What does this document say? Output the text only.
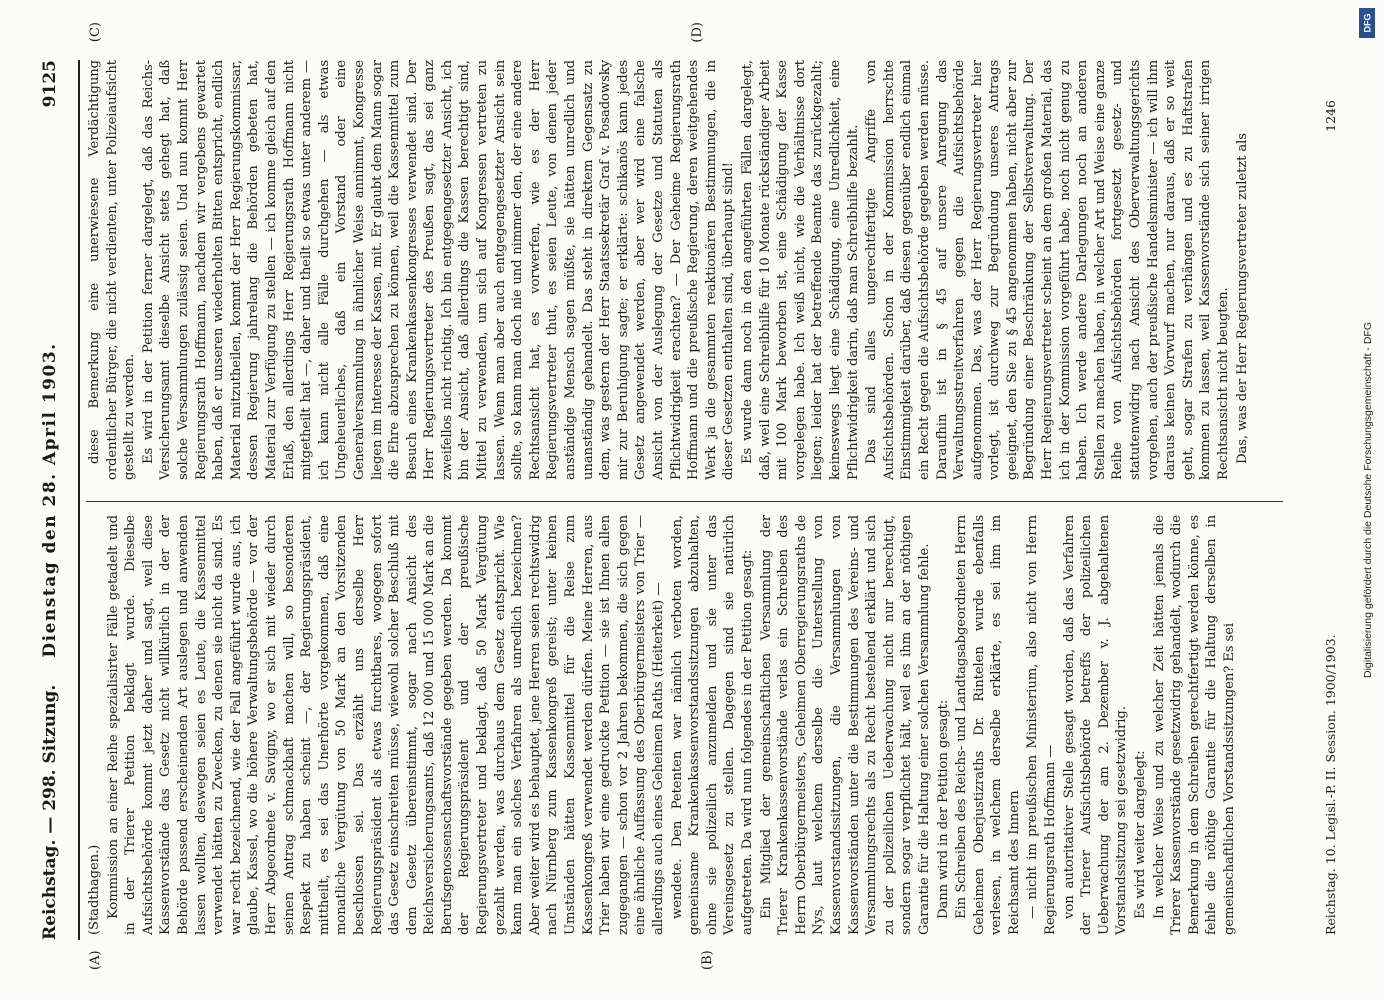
Reichstag. — 298. Sitzung.
Dienstag den 28. April 1903.
9125
(A)	(B)
(C)	(D)

(Stadthagen.) Kommission an einer Reihe spezialisirter Fälle getadelt und in der Trierer Petition beklagt wurde. Dieselbe Aufsichtsbehörde kommt jetzt daher und sagt, weil diese Kassenvorstände das Gesetz nicht willkürlich in der der Behörde passend erscheinenden Art auslegen und anwenden lassen wollten, deswegen seien es Leute, die Kassenmittel verwendet hätten zu Zwecken, zu denen sie nicht da sind. Es war recht bezeichnend, wie der Fall angeführt wurde aus, ich glaube, Kassel, wo die höhere Verwaltungsbehörde — vor der Herr Abgeordnete v. Savigny, wo er sich mit wieder durch seinen Antrag schmackhaft machen will, so besonderen Respekt zu haben scheint —, der Regierungspräsident, mittheilt, es sei das Unerhörte vorgekommen, daß eine monatliche Vergütung von 50 Mark an den Vorsitzenden beschlossen sei. Das erzählt uns derselbe Herr Regierungspräsident als etwas furchtbares, wogegen sofort das Gesetz einschreiten müsse, wiewohl solcher Beschluß mit dem Gesetz übereinstimmt, sogar nach Ansicht des Reichsversicherungsamts, daß 12 000 und 15 000 Mark an die Berufsgenossenschaftsvorstände gegeben werden. Da kommt der Regierungspräsident und der preußische Regierungsvertreter und beklagt, daß 50 Mark Vergütung gezahlt werden, was durchaus dem Gesetz entspricht. Wie kann man ein solches Verfahren als unredlich bezeichnen? Aber weiter wird es behauptet, jene Herren seien rechtswidrig nach Nürnberg zum Kassenkongreß gereist; unter keinen Umständen hätten Kassenmittel für die Reise zum Kassenkongreß verwendet werden dürfen. Meine Herren, aus Trier haben wir eine gedruckte Petition — sie ist Ihnen allen zugegangen — schon vor 2 Jahren bekommen, die sich gegen eine ähnliche Auffassung des Oberbürgermeisters von Trier — allerdings auch eines Geheimen Raths (Heiterkeit) — wendete. Den Petenten war nämlich verboten worden, gemeinsame Krankenkassenvorstandssitzungen abzuhalten, ohne sie polizeilich anzumelden und sie unter das Vereinsgesetz zu stellen. Dagegen sind sie natürlich aufgetreten. Da wird nun folgendes in der Petition gesagt: Ein Mitglied der gemeinschaftlichen Versammlung der Trierer Krankenkassenvorstände verlas ein Schreiben des Herrn Oberbürgermeisters, Geheimen Oberregierungsraths de Nys, laut welchem derselbe die Unterstellung von Kassenvorstandssitzungen, die Versammlungen von Kassenvorständen unter die Bestimmungen des Vereins- und Versammlungsrechts als zu Recht bestehend erklärt und sich zu der polizeilichen Ueberwachung nicht nur berechtigt, sondern sogar verpflichtet hält, weil es ihm an der nöthigen Garantie für die Haltung einer solchen Versammlung fehle. Dann wird in der Petition gesagt: Ein Schreiben des Reichs- und Landtagsabgeordneten Herrn Geheimen Oberjustizraths Dr. Rintelen wurde ebenfalls verlesen, in welchem derselbe erklärte, es sei ihm im Reichsamt des Innern — nicht im preußischen Ministerium, also nicht von Herrn Regierungsrath Hoffmann — von autoritativer Stelle gesagt worden, daß das Verfahren der Trierer Aufsichtsbehörde betreffs der polizeilichen Ueberwachung der am 2. Dezember v. J. abgehaltenen Vorstandssitzung sei gesetzwidrig. Es wird weiter dargelegt: In welcher Weise und zu welcher Zeit hätten jemals die Trierer Kassenvorstände gesetzwidrig gehandelt, wodurch die Bemerkung in dem Schreiben gerechtfertigt werden könne, es fehle die nöthige Garantie für die Haltung derselben in gemeinschaftlichen Vorstandssitzungen? Es sei

diese Bemerkung eine unerwiesene Verdächtigung ordentlicher Bürger, die nicht verdienten, unter Polizeiaufsicht gestellt zu werden. Es wird in der Petition ferner dargelegt, daß das Reichs-Versicherungsamt dieselbe Ansicht stets gehegt hat, daß solche Versammlungen zulässig seien. Und nun kommt Herr Regierungsrath Hoffmann, nachdem wir vergebens gewartet haben, daß er unseren wiederholten Bitten entspricht, endlich Material mitzutheilen, kommt der Herr Regierungskommissar, dessen Regierung jahrelang die Behörden gebeten hat, Material zur Verfügung zu stellen — ich komme gleich auf den Erlaß, den allerdings Herr Regierungsrath Hoffmann nicht mitgetheilt hat —, daher und theilt so etwas unter anderem — ich kann nicht alle Fälle durchgehen — als etwas Ungeheuerliches, daß ein Vorstand oder eine Generalversammlung in ähnlicher Weise annimmt, Kongresse liegen im Interesse der Kassen, mit. Er glaubt dem Mann sogar die Ehre abzusprechen zu können, weil die Kassenmittel zum Besuch eines Krankenkassenkongresses verwendet sind. Der Herr Regierungsvertreter des Preußen sagt, das sei ganz zweifellos nicht richtig. Ich bin entgegengesetzter Ansicht, ich bin der Ansicht, daß allerdings die Kassen berechtigt sind, Mittel zu verwenden, um sich auf Kongressen vertreten zu lassen. Wenn man aber auch entgegengesetzter Ansicht sein sollte, so kann man doch nie und nimmer den, der eine andere Rechtsansicht hat, es vorwerfen, wie es der Herr Regierungsvertreter thut, es seien Leute, von denen jeder anständige Mensch sagen müßte, sie hätten unredlich und unanständig gehandelt. Das steht in direktem Gegensatz zu dem, was gestern der Herr Staatssekretär Graf v. Posadowsky mir zur Beruhigung sagte; er erklärte: schikanös kann jedes Gesetz angewendet werden, aber wer wird eine falsche Ansicht von der Auslegung der Gesetze und Statuten als Pflichtwidrigkeit erachten? — Der Geheime Regierungsrath Hoffmann und die preußische Regierung, deren weitgehendes Werk ja die gesammten reaktionären Bestimmungen, die in dieser Gesetzen enthalten sind, überhaupt sind! Es wurde dann noch in den angeführten Fällen dargelegt, daß, weil eine Schreibhilfe für 10 Monate rückständiger Arbeit mit 100 Mark beworben ist, eine Schädigung der Kasse vorgelegen habe. Ich weiß nicht, wie die Verhältnisse dort liegen; leider hat der betreffende Beamte das zurückgezahlt; keineswegs liegt eine Schädigung, eine Unredlichkeit, eine Pflichtwidrigkeit darin, daß man Schreibhilfe bezahlt. Das sind alles ungerechtfertigte Angriffe von Aufsichtsbehörden. Schon in der Kommission herrschte Einstimmigkeit darüber, daß diesen gegenüber endlich einmal ein Recht gegen die Aufsichtsbehörde gegeben werden müsse. Daraufhin ist in § 45 auf unsere Anregung das Verwaltungsstreitverfahren gegen die Aufsichtsbehörde aufgenommen. Das, was der Herr Regierungsvertreter hier vorlegt, ist durchweg zur Begründung unseres Antrags geeignet, den Sie zu § 45 angenommen haben, nicht aber zur Begründung einer Beschränkung der Selbstverwaltung. Der Herr Regierungsvertreter scheint an dem großen Material, das ich in der Kommission vorgeführt habe, noch nicht genug zu haben. Ich werde andere Darlegungen noch an anderen Stellen zu machen haben, in welcher Art und Weise eine ganze Reihe von Aufsichtsbehörden fortgesetzt gesetz- und statutenwidrig nach Ansicht des Oberverwaltungsgerichts vorgehen, auch der preußische Handelsminister — ich will ihm daraus keinen Vorwurf machen, nur daraus, daß er so weit geht, sogar Strafen zu verhängen und es zu Haftstrafen kommen zu lassen, weil Kassenvorstände sich seiner irrigen Rechtsansicht nicht beugten. Das, was der Herr Regierungsvertreter zuletzt als

Reichstag. 10. Legisl.-P. II. Session. 1900/1903.
1246
Digitalisierung gefördert durch die Deutsche Forschungsgemeinschaft - DFG
DFG
